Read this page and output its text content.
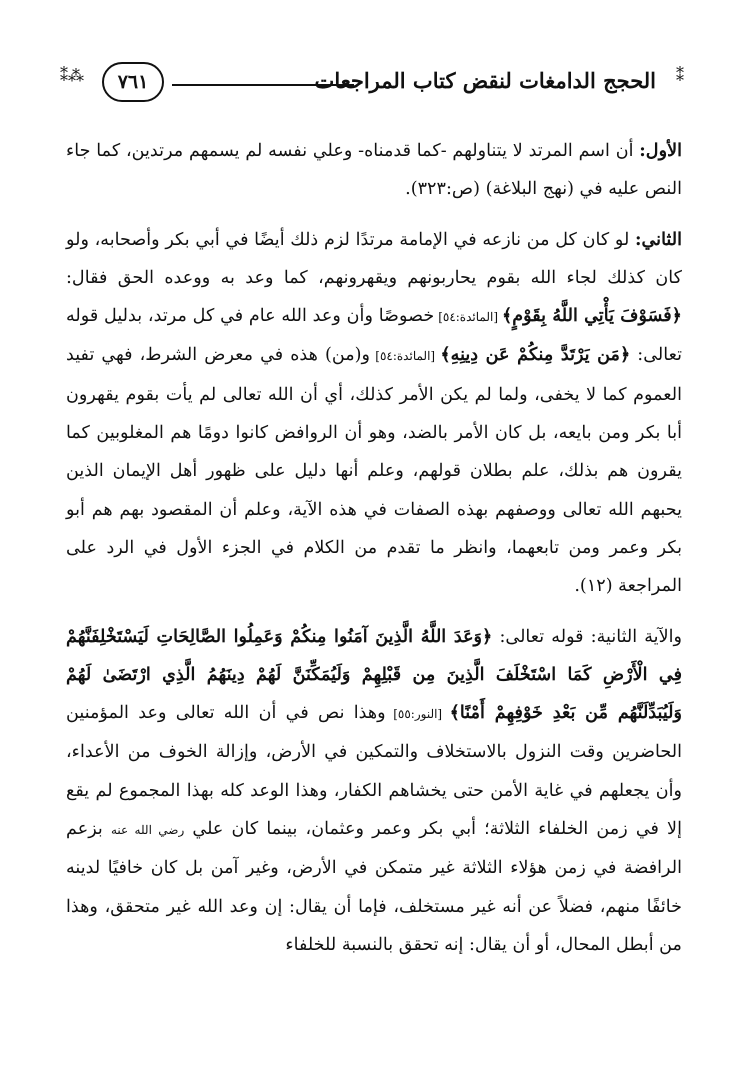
⁑
الحجج الدامغات لنقض كتاب المراجعات
٧٦١
⁂⁑

الأول: أن اسم المرتد لا يتناولهم -كما قدمناه- وعلي نفسه لم يسمهم مرتدين، كما جاء النص عليه في (نهج البلاغة) (ص:٣٢٣).

الثاني: لو كان كل من نازعه في الإمامة مرتدًا لزم ذلك أيضًا في أبي بكر وأصحابه، ولو كان كذلك لجاء الله بقوم يحاربونهم ويقهرونهم، كما وعد به ووعده الحق فقال: ﴿فَسَوْفَ يَأْتِي اللَّهُ بِقَوْمٍ﴾ [المائدة:٥٤] خصوصًا وأن وعد الله عام في كل مرتد، بدليل قوله تعالى: ﴿مَن يَرْتَدَّ مِنكُمْ عَن دِينِهِ﴾ [المائدة:٥٤] و(من) هذه في معرض الشرط، فهي تفيد العموم كما لا يخفى، ولما لم يكن الأمر كذلك، أي أن الله تعالى لم يأت بقوم يقهرون أبا بكر ومن بايعه، بل كان الأمر بالضد، وهو أن الروافض كانوا دومًا هم المغلوبين كما يقرون هم بذلك، علم بطلان قولهم، وعلم أنها دليل على ظهور أهل الإيمان الذين يحبهم الله تعالى ووصفهم بهذه الصفات في هذه الآية، وعلم أن المقصود بهم هم أبو بكر وعمر ومن تابعهما، وانظر ما تقدم من الكلام في الجزء الأول في الرد على المراجعة (١٢).

والآية الثانية: قوله تعالى: ﴿وَعَدَ اللَّهُ الَّذِينَ آمَنُوا مِنكُمْ وَعَمِلُوا الصَّالِحَاتِ لَيَسْتَخْلِفَنَّهُمْ فِي الْأَرْضِ كَمَا اسْتَخْلَفَ الَّذِينَ مِن قَبْلِهِمْ وَلَيُمَكِّنَنَّ لَهُمْ دِينَهُمُ الَّذِي ارْتَضَىٰ لَهُمْ وَلَيُبَدِّلَنَّهُم مِّن بَعْدِ خَوْفِهِمْ أَمْنًا﴾ [النور:٥٥] وهذا نص في أن الله تعالى وعد المؤمنين الحاضرين وقت النزول بالاستخلاف والتمكين في الأرض، وإزالة الخوف من الأعداء، وأن يجعلهم في غاية الأمن حتى يخشاهم الكفار، وهذا الوعد كله بهذا المجموع لم يقع إلا في زمن الخلفاء الثلاثة؛ أبي بكر وعمر وعثمان، بينما كان علي رضي الله عنه بزعم الرافضة في زمن هؤلاء الثلاثة غير متمكن في الأرض، وغير آمن بل كان خافيًا لدينه خائفًا منهم، فضلاً عن أنه غير مستخلف، فإما أن يقال: إن وعد الله غير متحقق، وهذا من أبطل المحال، أو أن يقال: إنه تحقق بالنسبة للخلفاء
